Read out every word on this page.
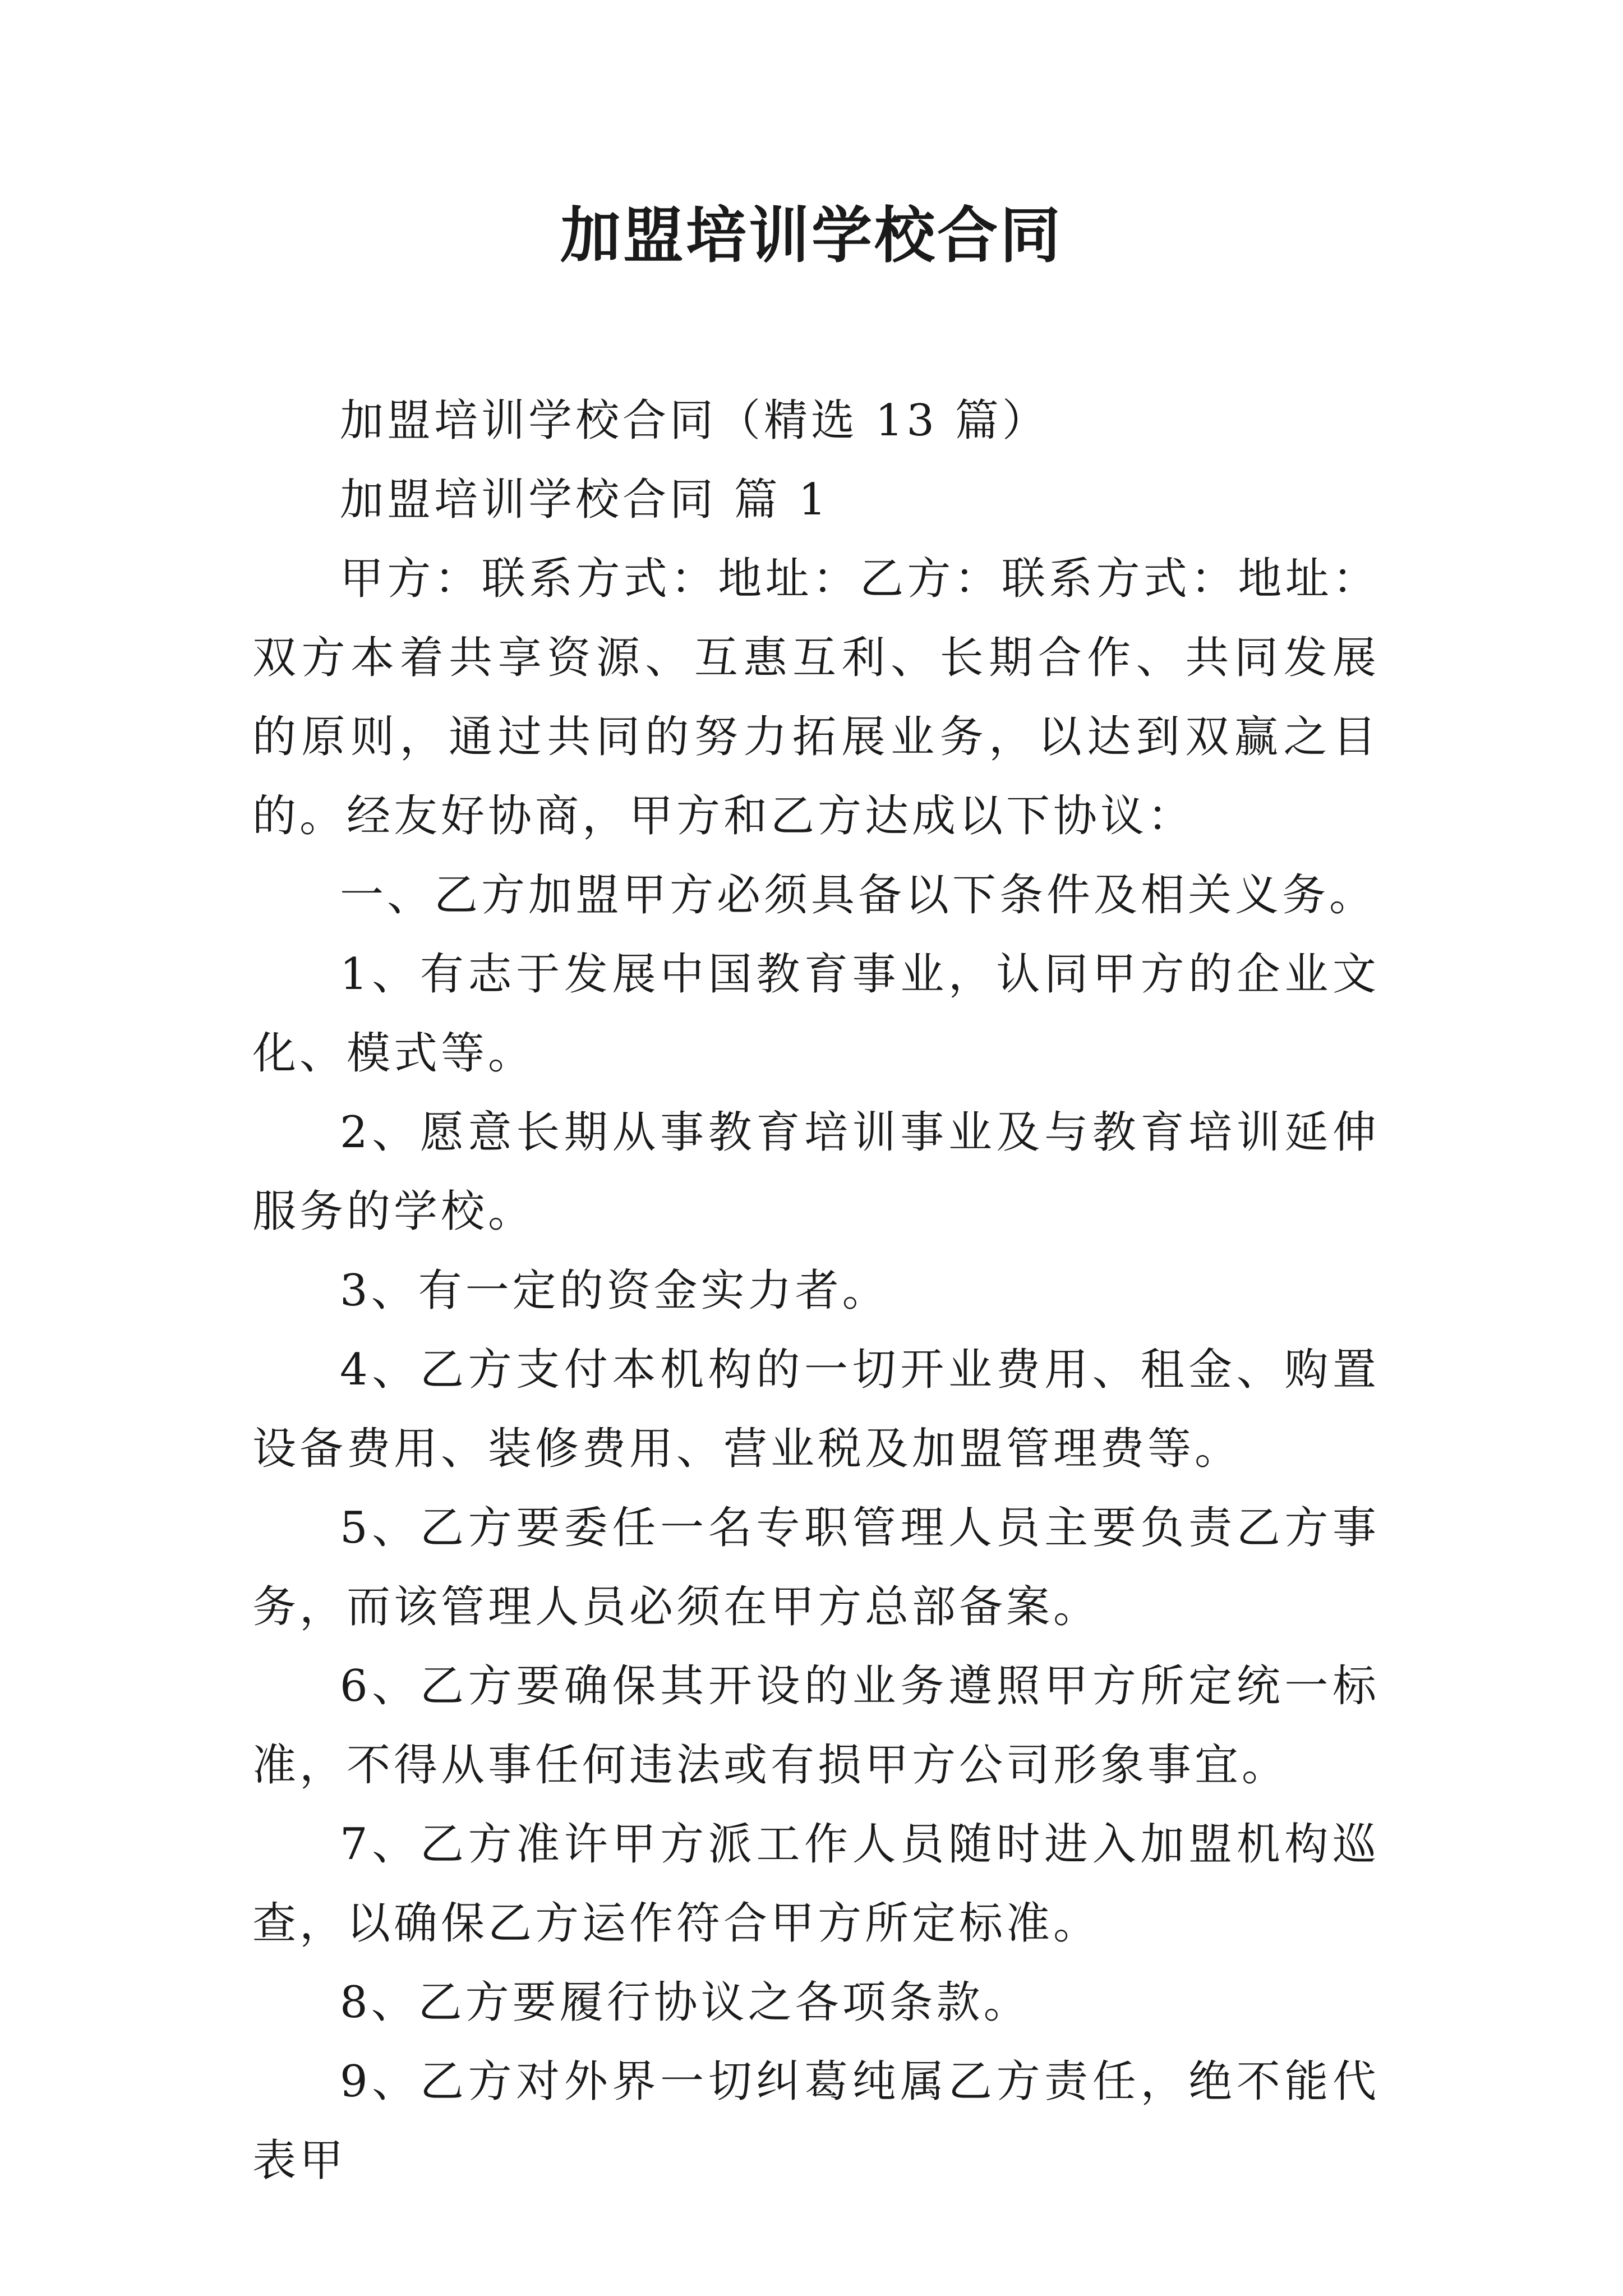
加盟培训学校合同

加盟培训学校合同（精选 13 篇）

加盟培训学校合同 篇 1

甲方：联系方式：地址：乙方：联系方式：地址：双方本着共享资源、互惠互利、长期合作、共同发展的原则，通过共同的努力拓展业务，以达到双赢之目的。经友好协商，甲方和乙方达成以下协议：

一、乙方加盟甲方必须具备以下条件及相关义务。

1、有志于发展中国教育事业，认同甲方的企业文化、模式等。

2、愿意长期从事教育培训事业及与教育培训延伸服务的学校。

3、有一定的资金实力者。

4、乙方支付本机构的一切开业费用、租金、购置设备费用、装修费用、营业税及加盟管理费等。

5、乙方要委任一名专职管理人员主要负责乙方事务，而该管理人员必须在甲方总部备案。

6、乙方要确保其开设的业务遵照甲方所定统一标准，不得从事任何违法或有损甲方公司形象事宜。

7、乙方准许甲方派工作人员随时进入加盟机构巡查，以确保乙方运作符合甲方所定标准。

8、乙方要履行协议之各项条款。

9、乙方对外界一切纠葛纯属乙方责任，绝不能代表甲
